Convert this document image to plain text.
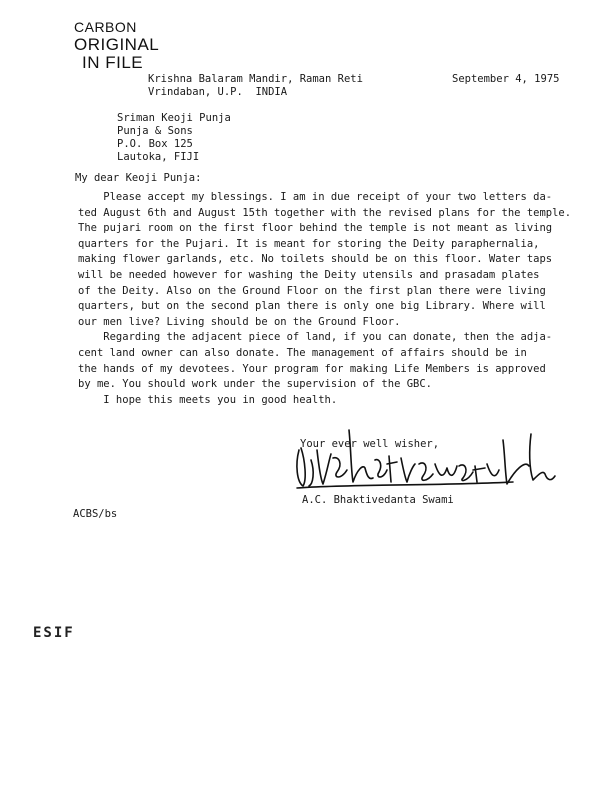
CARBON
ORIGINAL
IN FILE
Krishna Balaram Mandir, Raman Reti
Vrindaban, U.P.  INDIA
September 4, 1975
Sriman Keoji Punja
Punja & Sons
P.O. Box 125
Lautoka, FIJI
My dear Keoji Punja:
Please accept my blessings. I am in due receipt of your two letters da-
ted August 6th and August 15th together with the revised plans for the temple.
The pujari room on the first floor behind the temple is not meant as living
quarters for the Pujari. It is meant for storing the Deity paraphernalia,
making flower garlands, etc. No toilets should be on this floor. Water taps
will be needed however for washing the Deity utensils and prasadam plates
of the Deity. Also on the Ground Floor on the first plan there were living
quarters, but on the second plan there is only one big Library. Where will
our men live? Living should be on the Ground Floor.
Regarding the adjacent piece of land, if you can donate, then the adja-
cent land owner can also donate. The management of affairs should be in
the hands of my devotees. Your program for making Life Members is approved
by me. You should work under the supervision of the GBC.
I hope this meets you in good health.
Your ever well wisher,
A.C. Bhaktivedanta Swami
ACBS/bs
ESIF
